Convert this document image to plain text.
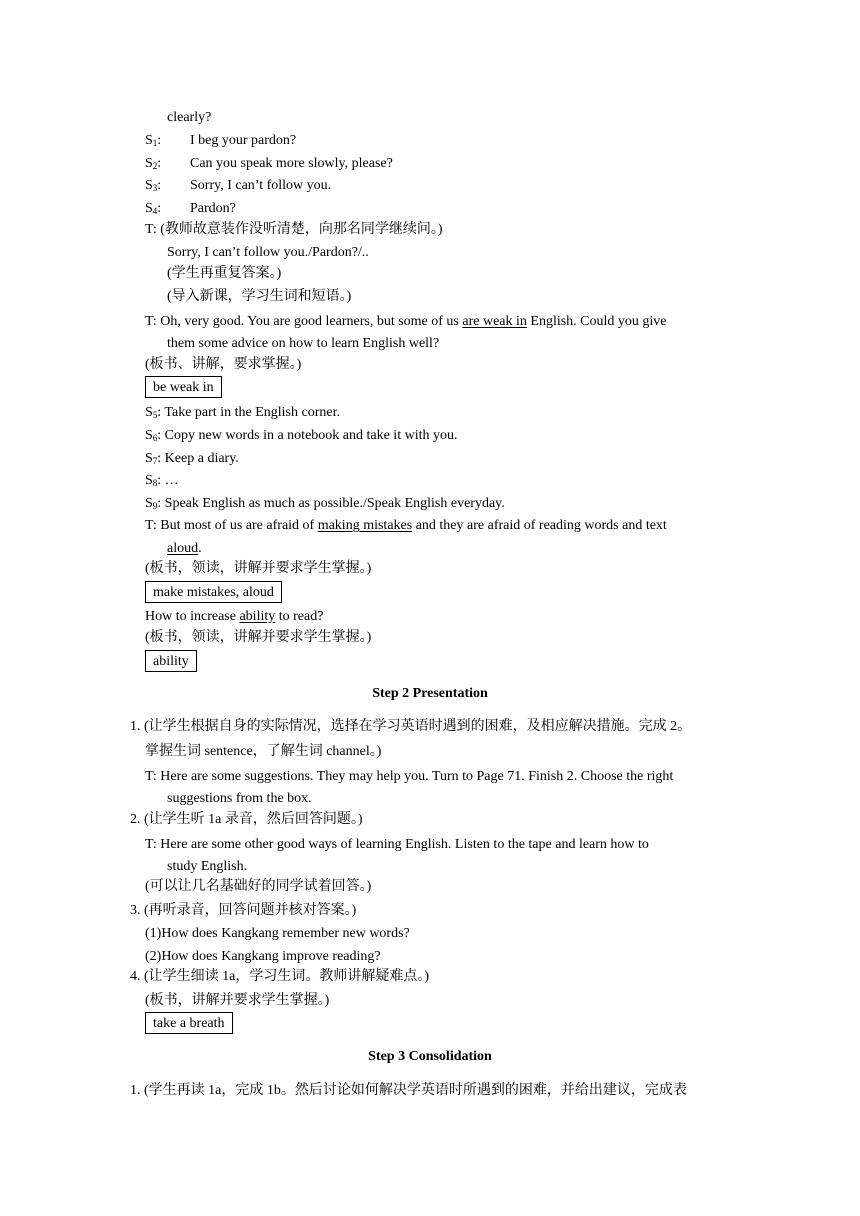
clearly?
$S_1$: I beg your pardon?
$S_2$: Can you speak more slowly, please?
$S_3$: Sorry, I can’t follow you.
$S_4$: Pardon?
T: (教师故意装作没听清楚，向那名同学继续问。)
Sorry, I can’t follow you./Pardon?/..
(学生再重复答案。)
(导入新课，学习生词和短语。)
T: Oh, very good. You are good learners, but some of us are weak in English. Could you give
them some advice on how to learn English well?
(板书、讲解，要求掌握。)
be weak in
$S_5$: Take part in the English corner.
$S_6$: Copy new words in a notebook and take it with you.
$S_7$: Keep a diary.
$S_8$: …
$S_9$: Speak English as much as possible./Speak English everyday.
T: But most of us are afraid of making mistakes and they are afraid of reading words and text
aloud.
(板书，领读，讲解并要求学生掌握。)
make mistakes, aloud
How to increase ability to read?
(板书，领读，讲解并要求学生掌握。)
ability
Step 2 Presentation
1. (让学生根据自身的实际情况，选择在学习英语时遇到的困难，及相应解决措施。完成 2。
掌握生词 sentence，了解生词 channel。)
T: Here are some suggestions. They may help you. Turn to Page 71. Finish 2. Choose the right
suggestions from the box.
2. (让学生听 1a 录音，然后回答问题。)
T: Here are some other good ways of learning English. Listen to the tape and learn how to
study English.
(可以让几名基础好的同学试着回答。)
3. (再听录音，回答问题并核对答案。)
(1)How does Kangkang remember new words?
(2)How does Kangkang improve reading?
4. (让学生细读 1a，学习生词。教师讲解疑难点。)
(板书，讲解并要求学生掌握。)
take a breath
Step 3 Consolidation
1. (学生再读 1a，完成 1b。然后讨论如何解决学英语时所遇到的困难，并给出建议，完成表
